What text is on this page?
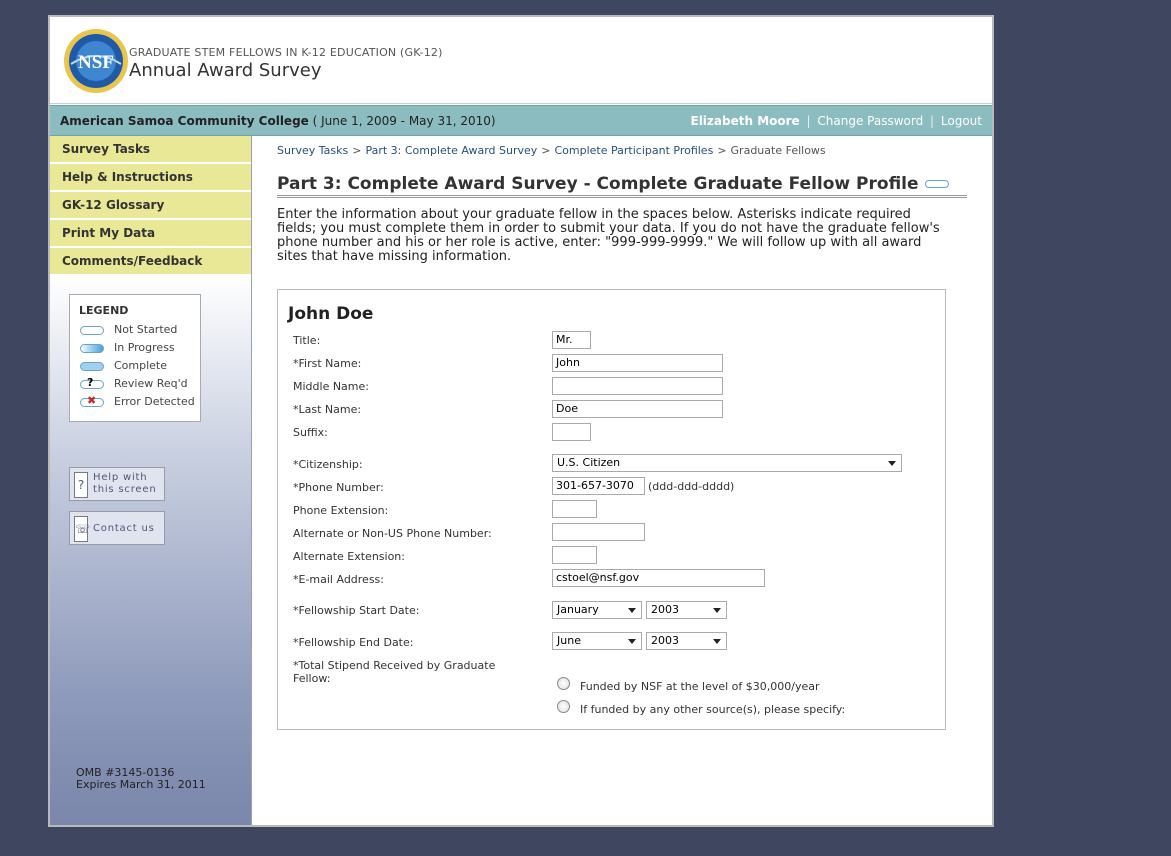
NSF GRADUATE STEM FELLOWS IN K-12 EDUCATION (GK-12)
Annual Award Survey
American Samoa Community College ( June 1, 2009 - May 31, 2010)	Elizabeth Moore | Change Password | Logout
Survey Tasks
Help & Instructions
GK-12 Glossary
Print My Data
Comments/Feedback
LEGEND
Not Started
In Progress
Complete
? Review Req'd
✖ Error Detected
?
Help with
this screen
☏ Contact us
OMB #3145-0136
Expires March 31, 2011
Survey Tasks > Part 3: Complete Award Survey > Complete Participant Profiles > Graduate Fellows
Part 3: Complete Award Survey - Complete Graduate Fellow Profile
Enter the information about your graduate fellow in the spaces below. Asterisks indicate required fields; you must complete them in order to submit your data. If you do not have the graduate fellow's phone number and his or her role is active, enter: "999-999-9999." We will follow up with all award sites that have missing information.
John Doe
Title:	Mr.
*First Name:	John
Middle Name:
*Last Name:	Doe
Suffix:
*Citizenship:	U.S. Citizen
*Phone Number:	301-657-3070	(ddd-ddd-dddd)
Phone Extension:
Alternate or Non-US Phone Number:
Alternate Extension:
*E-mail Address:	cstoel@nsf.gov
*Fellowship Start Date:	January	2003
*Fellowship End Date:	June	2003
*Total Stipend Received by Graduate Fellow:
Funded by NSF at the level of $30,000/year
If funded by any other source(s), please specify:
